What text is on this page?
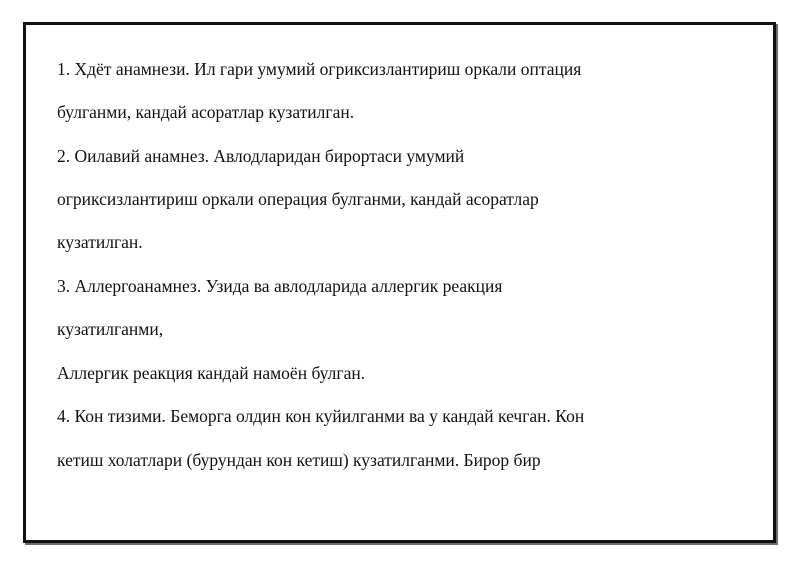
1. Хдёт анамнези. Ил гари умумий огриксизлантириш оркали оптация
булганми, кандай асоратлар кузатилган.
2. Оилавий анамнез. Авлодларидан бирортаси умумий
огриксизлантириш оркали операция булганми, кандай асоратлар
кузатилган.
3. Аллергоанамнез. Узида ва авлодларида аллергик реакция
кузатилганми,
Аллергик реакция кандай намоён булган.
4. Кон тизими. Беморга олдин кон куйилганми ва у кандай кечган. Кон
кетиш холатлари (бурундан кон кетиш) кузатилганми. Бирор бир
